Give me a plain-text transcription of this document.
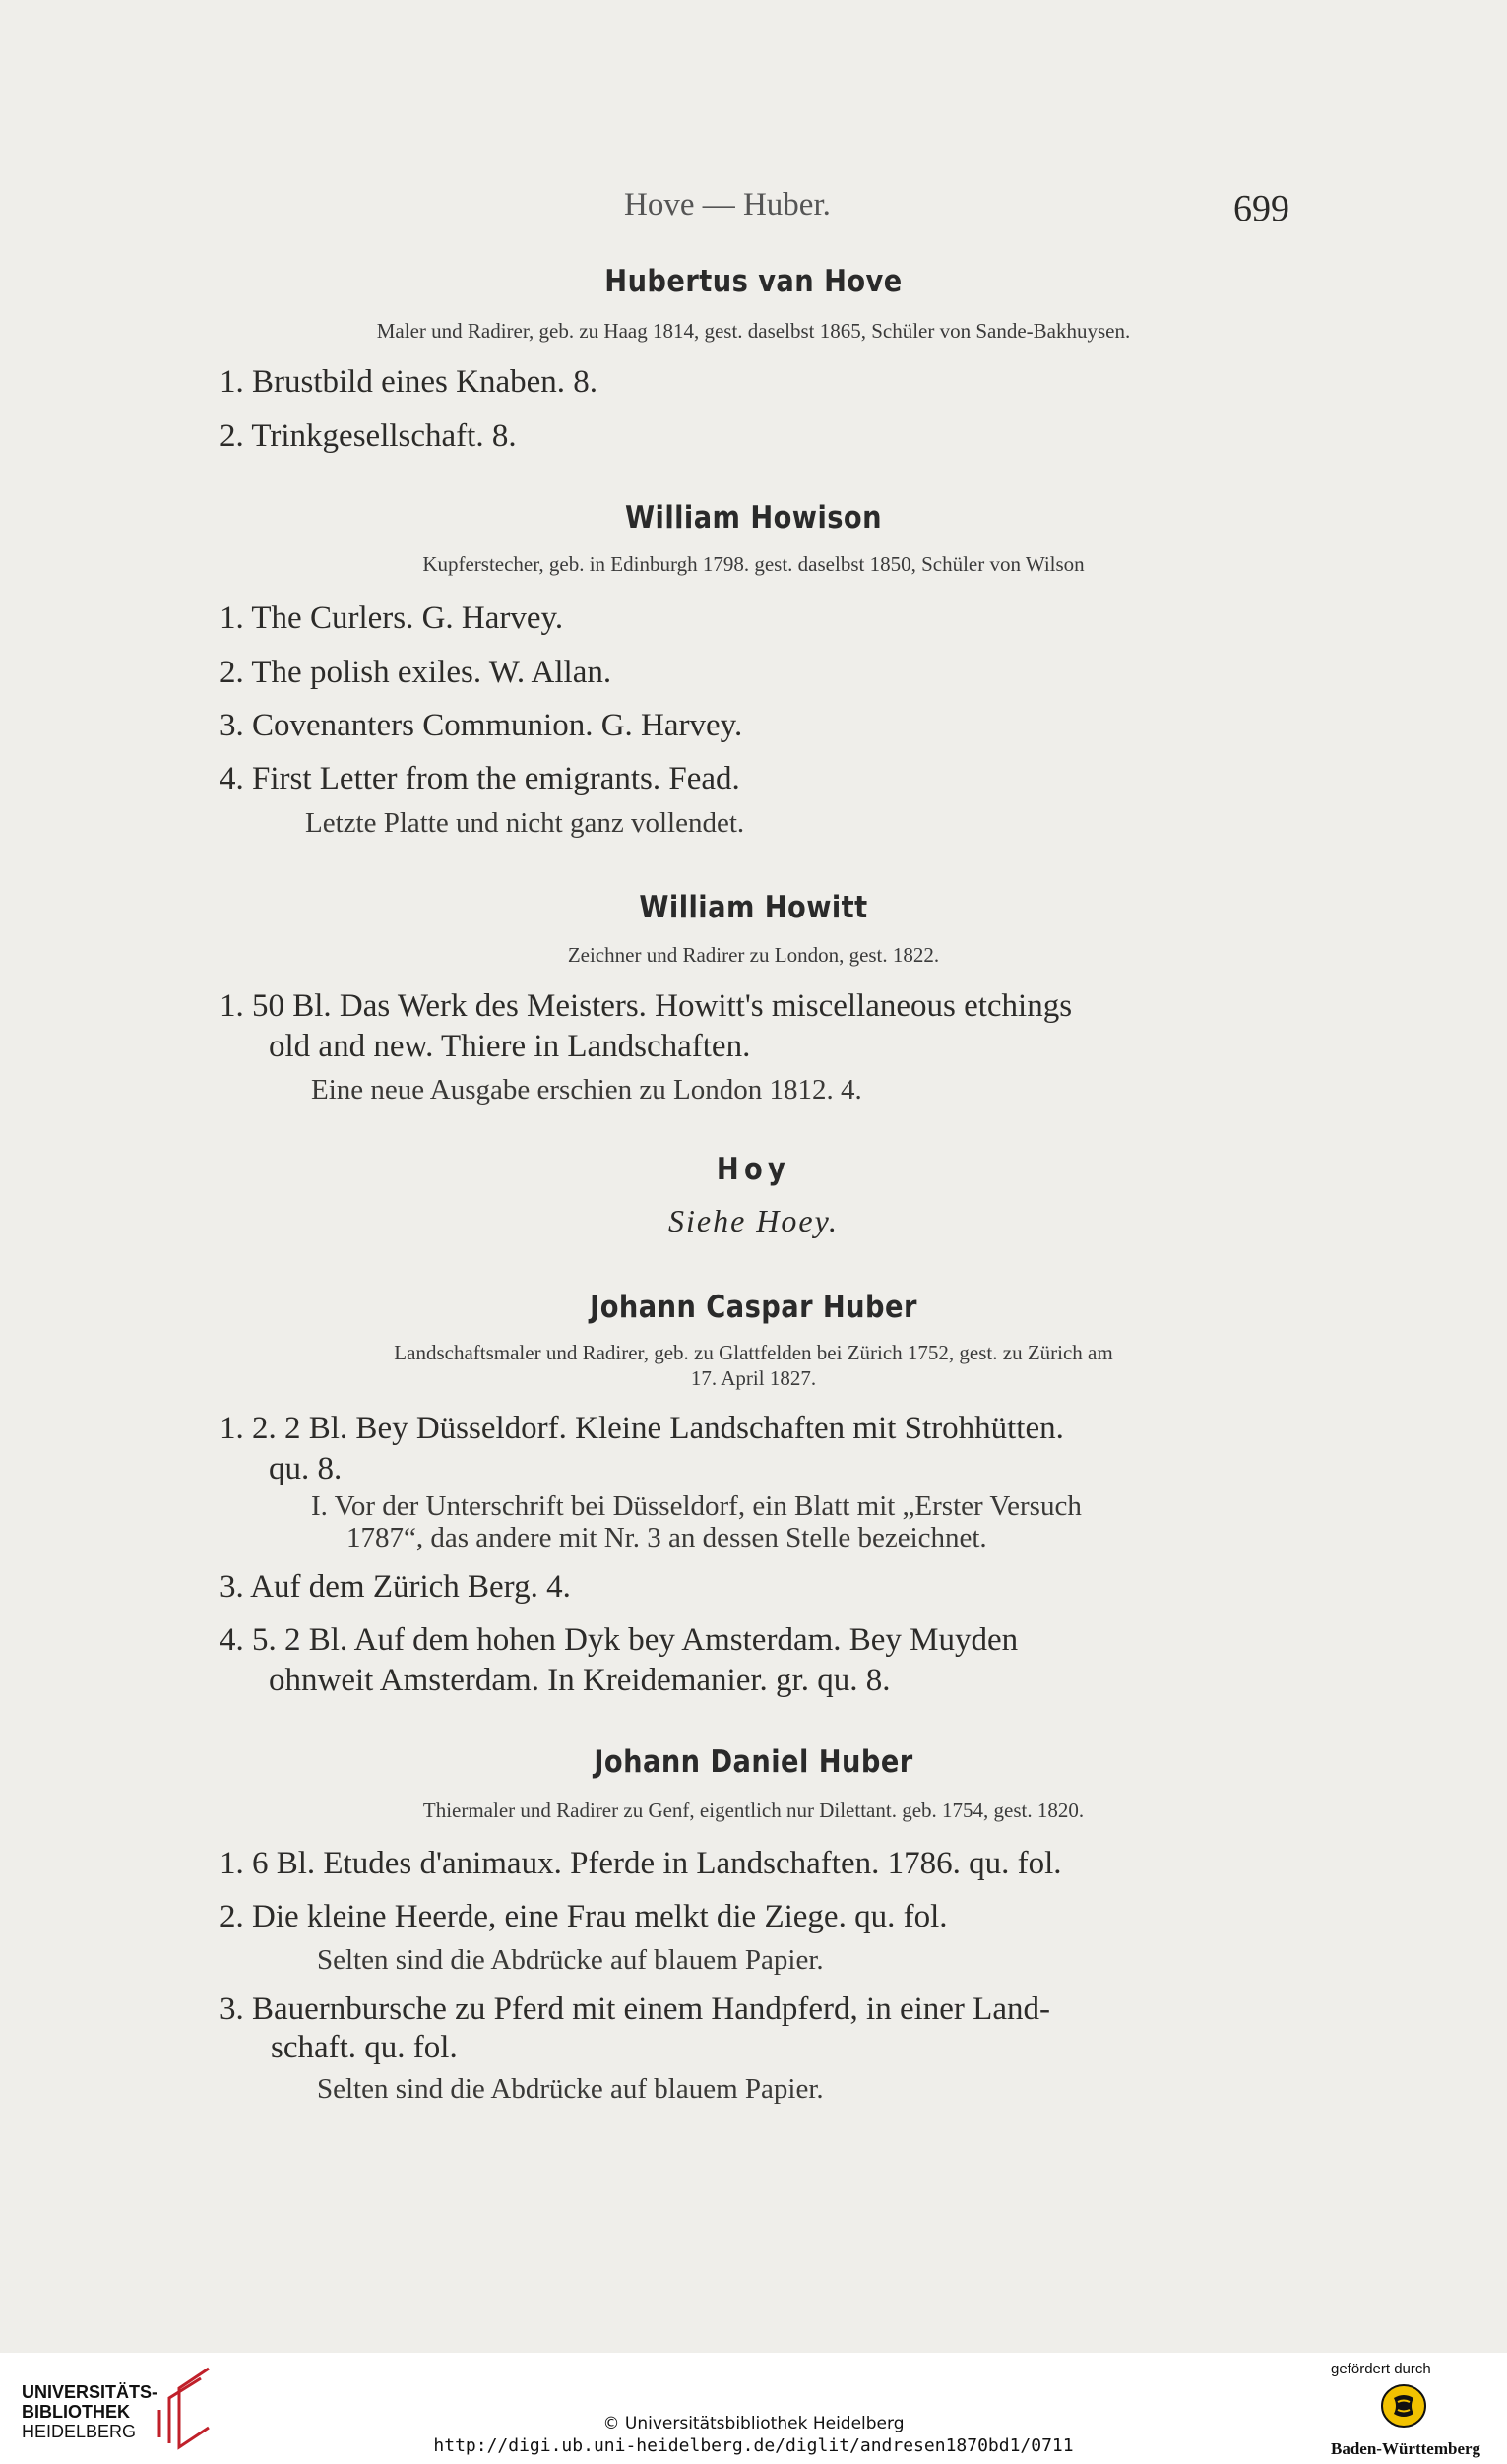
Hove — Huber.	699
Hubertus van Hove
Maler und Radirer, geb. zu Haag 1814, gest. daselbst 1865, Schüler von Sande-Bakhuysen.
1. Brustbild eines Knaben. 8.
2. Trinkgesellschaft. 8.
William Howison
Kupferstecher, geb. in Edinburgh 1798. gest. daselbst 1850, Schüler von Wilson
1. The Curlers. G. Harvey.
2. The polish exiles. W. Allan.
3. Covenanters Communion. G. Harvey.
4. First Letter from the emigrants. Fead.
Letzte Platte und nicht ganz vollendet.
William Howitt
Zeichner und Radirer zu London, gest. 1822.
1. 50 Bl. Das Werk des Meisters. Howitt's miscellaneous etchings
old and new. Thiere in Landschaften.
Eine neue Ausgabe erschien zu London 1812. 4.
Hoy
Siehe Hoey.
Johann Caspar Huber
Landschaftsmaler und Radirer, geb. zu Glattfelden bei Zürich 1752, gest. zu Zürich am
17. April 1827.
1. 2. 2 Bl. Bey Düsseldorf. Kleine Landschaften mit Strohhütten.
qu. 8.
I. Vor der Unterschrift bei Düsseldorf, ein Blatt mit „Erster Versuch
1787“, das andere mit Nr. 3 an dessen Stelle bezeichnet.
3. Auf dem Zürich Berg. 4.
4. 5. 2 Bl. Auf dem hohen Dyk bey Amsterdam. Bey Muyden
ohnweit Amsterdam. In Kreidemanier. gr. qu. 8.
Johann Daniel Huber
Thiermaler und Radirer zu Genf, eigentlich nur Dilettant. geb. 1754, gest. 1820.
1. 6 Bl. Etudes d'animaux. Pferde in Landschaften. 1786. qu. fol.
2. Die kleine Heerde, eine Frau melkt die Ziege. qu. fol.
Selten sind die Abdrücke auf blauem Papier.
3. Bauernbursche zu Pferd mit einem Handpferd, in einer Land-
schaft. qu. fol.
Selten sind die Abdrücke auf blauem Papier.
UNIVERSITÄTS-
BIBLIOTHEK
HEIDELBERG	© Universitätsbibliothek Heidelberg
http://digi.ub.uni-heidelberg.de/diglit/andresen1870bd1/0711
gefördert durch
Baden-Württemberg
